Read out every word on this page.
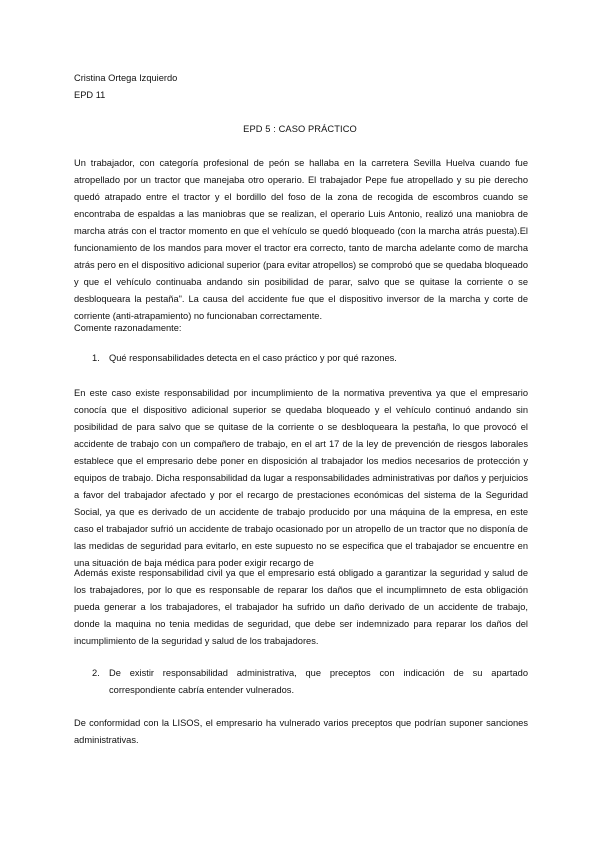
Cristina Ortega Izquierdo
EPD 11
EPD 5 : CASO PRÁCTICO
Un trabajador, con categoría profesional de peón se hallaba en la carretera Sevilla Huelva cuando fue atropellado por un tractor que manejaba otro operario. El trabajador Pepe fue atropellado y su pie derecho quedó atrapado entre el tractor y el bordillo del foso de la zona de recogida de escombros cuando se encontraba de espaldas a las maniobras que se realizan, el operario Luis Antonio, realizó una maniobra de marcha atrás con el tractor momento en que el vehículo se quedó bloqueado (con la marcha atrás puesta).El funcionamiento de los mandos para mover el tractor era correcto, tanto de marcha adelante como de marcha atrás pero en el dispositivo adicional superior (para evitar atropellos) se comprobó que se quedaba bloqueado y que el vehículo continuaba andando sin posibilidad de parar, salvo que se quitase la corriente o se desbloqueara la pestaña". La causa del accidente fue que el dispositivo inversor de la marcha y corte de corriente (anti-atrapamiento) no funcionaban correctamente.
Comente razonadamente:
1. Qué responsabilidades detecta en el caso práctico y por qué razones.
En este caso existe responsabilidad por incumplimiento de la normativa preventiva ya que el empresario conocía que el dispositivo adicional superior se quedaba bloqueado y el vehículo continuó andando sin posibilidad de para salvo que se quitase de la corriente o se desbloqueara la pestaña, lo que provocó el accidente de trabajo con un compañero de trabajo, en el art 17 de la ley de prevención de riesgos laborales establece que el empresario debe poner en disposición al trabajador los medios necesarios de protección y equipos de trabajo. Dicha responsabilidad da lugar a responsabilidades administrativas por daños y perjuicios a favor del trabajador afectado y por el recargo de prestaciones económicas del sistema de la Seguridad Social, ya que es derivado de un accidente de trabajo producido por una máquina de la empresa, en este caso el trabajador sufrió un accidente de trabajo ocasionado por un atropello de un tractor que no disponía de las medidas de seguridad para evitarlo, en este supuesto no se especifica que el trabajador se encuentre en una situación de baja médica para poder exigir recargo de
Además existe responsabilidad civil ya que el empresario está obligado a garantizar la seguridad y salud de los trabajadores, por lo que es responsable de reparar los daños que el incumplimneto de esta obligación pueda generar a los trabajadores, el trabajador ha sufrido un daño derivado de un accidente de trabajo, donde la maquina no tenia medidas de seguridad, que debe ser indemnizado para reparar los daños del incumplimiento de la seguridad y salud de los trabajadores.
2. De existir responsabilidad administrativa, que preceptos con indicación de su apartado correspondiente cabría entender vulnerados.
De conformidad con la LISOS, el empresario ha vulnerado varios preceptos que podrían suponer sanciones administrativas.
